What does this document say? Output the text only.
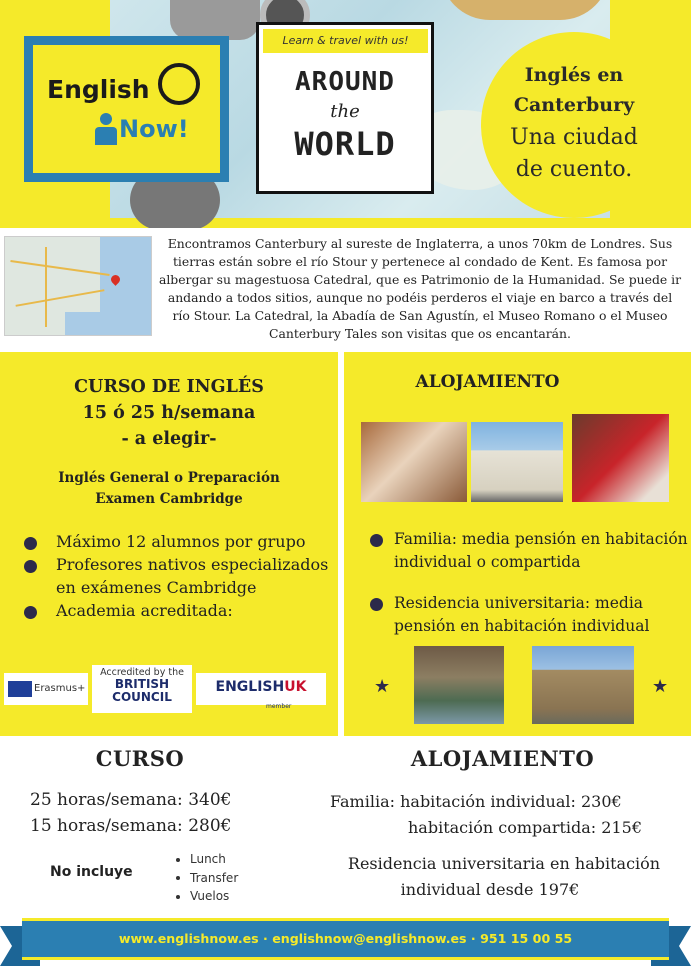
English
Now!
Learn & travel with us!
AROUND
the
WORLD
Inglés en
Canterbury
Una ciudad
de cuento.
Encontramos Canterbury al sureste de Inglaterra, a unos 70km de Londres. Sus tierras están sobre el río Stour y pertenece al condado de Kent. Es famosa por albergar su magestuosa Catedral, que es Patrimonio de la Humanidad. Se puede ir andando a todos sitios, aunque no podéis perderos el viaje en barco a través del río Stour. La Catedral, la Abadía de San Agustín, el Museo Romano o el Museo Canterbury Tales son visitas que os encantarán.
CURSO DE INGLÉS
15 ó 25 h/semana
- a elegir-
Inglés General o Preparación
Examen Cambridge
Máximo 12 alumnos por grupo
Profesores nativos especializados en exámenes Cambridge
Academia acreditada:
Erasmus+
Accredited by the
BRITISH
COUNCIL
ENGLISHUK
member
ALOJAMIENTO
Familia: media pensión en habitación individual o compartida
Residencia universitaria: media pensión en habitación individual
★	★
CURSO
25 horas/semana: 340€
15 horas/semana: 280€
No incluye
Lunch
Transfer
Vuelos
ALOJAMIENTO
Familia: habitación individual: 230€
habitación compartida: 215€
Residencia universitaria en habitación
individual desde 197€
www.englishnow.es · englishnow@englishnow.es · 951 15 00 55
